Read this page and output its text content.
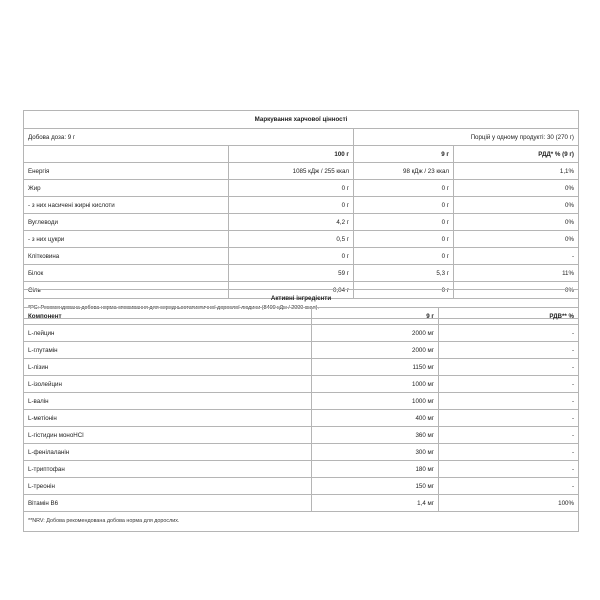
Маркування харчової цінності			
Добова доза: 9 г		Порцій у одному продукті: 30 (270 г)	
	100 г	9 г	РДД* % (9 г)
Енергія	1085 кДж / 255 ккал	98 кДж / 23 ккал	1,1%
Жир	0 г	0 г	0%
- з них насичені жирні кислоти	0 г	0 г	0%
Вуглеводи	4,2 г	0 г	0%
- з них цукри	0,5 г	0 г	0%
Клітковина	0 г	0 г	-
Білок	59 г	5,3 г	11%
Сіль	0,04 г	0 г	0%
*РС: Рекомендована добова норма споживання для середньостатистичної дорослої людини (8400 кДж / 2000 ккал).			
Активні інгредієнти		
Компонент	9 г	РДВ** %
L-лейцин	2000 мг	-
L-глутамін	2000 мг	-
L-лізин	1150 мг	-
L-ізолейцин	1000 мг	-
L-валін	1000 мг	-
L-метіонін	400 мг	-
L-гістидин моноНСl	360 мг	-
L-фенілаланін	300 мг	-
L-триптофан	180 мг	-
L-треонін	150 мг	-
Вітамін В6	1,4 мг	100%
**NRV: Добова рекомендована добова норма для дорослих.		
